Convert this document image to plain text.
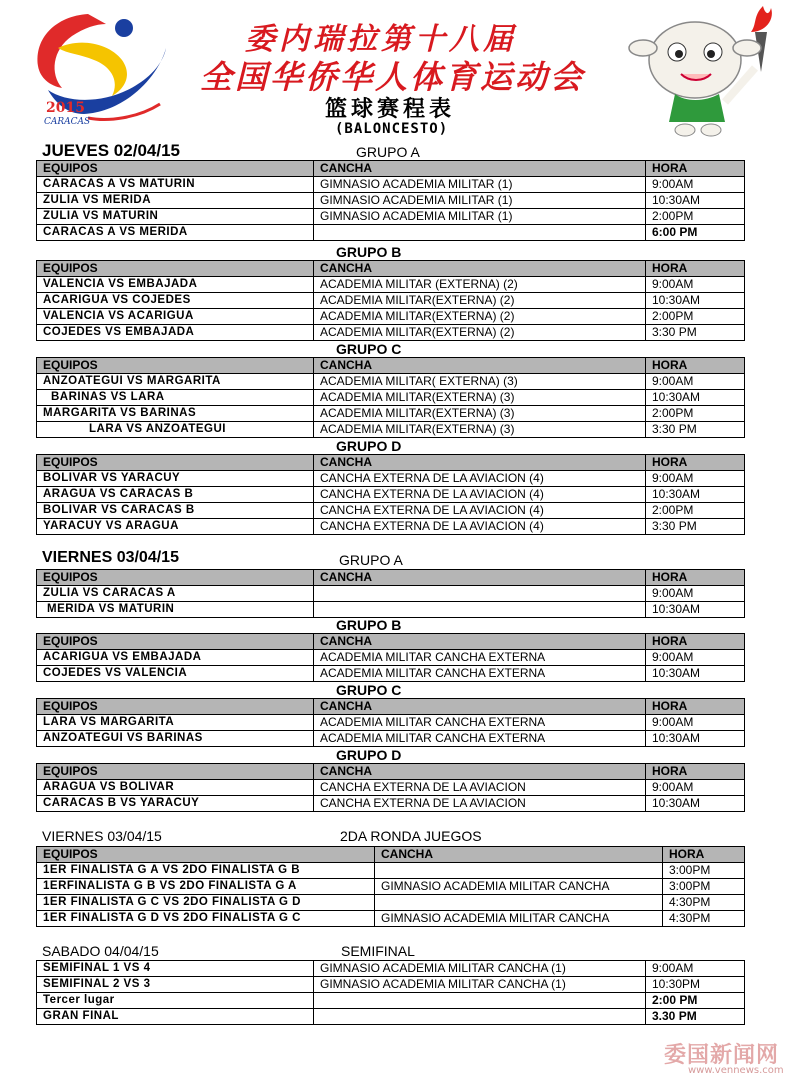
2015
CARACAS
委内瑞拉第十八届
全国华侨华人体育运动会
篮球赛程表
(BALONCESTO)
JUEVES 02/04/15	GRUPO A
EQUIPOS	CANCHA	HORA
CARACAS A VS MATURIN	GIMNASIO ACADEMIA MILITAR (1)	9:00AM
ZULIA VS MERIDA	GIMNASIO ACADEMIA MILITAR (1)	10:30AM
ZULIA VS MATURIN	GIMNASIO ACADEMIA MILITAR (1)	2:00PM
CARACAS A VS MERIDA		6:00 PM
GRUPO B
EQUIPOS	CANCHA	HORA
VALENCIA VS EMBAJADA	ACADEMIA MILITAR (EXTERNA) (2)	9:00AM
ACARIGUA VS COJEDES	ACADEMIA MILITAR(EXTERNA) (2)	10:30AM
VALENCIA VS ACARIGUA	ACADEMIA MILITAR(EXTERNA) (2)	2:00PM
COJEDES VS EMBAJADA	ACADEMIA MILITAR(EXTERNA) (2)	3:30 PM
GRUPO C
EQUIPOS	CANCHA	HORA
ANZOATEGUI VS MARGARITA	ACADEMIA MILITAR( EXTERNA) (3)	9:00AM
BARINAS VS LARA	ACADEMIA MILITAR(EXTERNA) (3)	10:30AM
MARGARITA VS BARINAS	ACADEMIA MILITAR(EXTERNA) (3)	2:00PM
LARA VS ANZOATEGUI	ACADEMIA MILITAR(EXTERNA) (3)	3:30 PM
GRUPO D
EQUIPOS	CANCHA	HORA
BOLIVAR VS YARACUY	CANCHA EXTERNA DE LA AVIACION (4)	9:00AM
ARAGUA VS CARACAS B	CANCHA EXTERNA DE LA AVIACION (4)	10:30AM
BOLIVAR VS CARACAS B	CANCHA EXTERNA DE LA AVIACION (4)	2:00PM
YARACUY VS ARAGUA	CANCHA EXTERNA DE LA AVIACION (4)	3:30 PM
VIERNES 03/04/15	GRUPO A
EQUIPOS	CANCHA	HORA
ZULIA VS CARACAS A		9:00AM
MERIDA VS MATURIN		10:30AM
GRUPO B
EQUIPOS	CANCHA	HORA
ACARIGUA VS EMBAJADA	ACADEMIA MILITAR CANCHA EXTERNA	9:00AM
COJEDES VS VALENCIA	ACADEMIA MILITAR CANCHA EXTERNA	10:30AM
GRUPO C
EQUIPOS	CANCHA	HORA
LARA VS MARGARITA	ACADEMIA MILITAR CANCHA EXTERNA	9:00AM
ANZOATEGUI VS BARINAS	ACADEMIA MILITAR CANCHA EXTERNA	10:30AM
GRUPO D
EQUIPOS	CANCHA	HORA
ARAGUA VS BOLIVAR	CANCHA EXTERNA DE LA AVIACION	9:00AM
CARACAS B VS YARACUY	CANCHA EXTERNA DE LA AVIACION	10:30AM
VIERNES 03/04/15	2DA RONDA JUEGOS
EQUIPOS	CANCHA	HORA
1ER FINALISTA G A VS 2DO FINALISTA G B		3:00PM
1ERFINALISTA G B VS 2DO FINALISTA G A	GIMNASIO ACADEMIA MILITAR CANCHA	3:00PM
1ER FINALISTA G C VS 2DO FINALISTA G D		4:30PM
1ER FINALISTA G D VS 2DO FINALISTA G C	GIMNASIO ACADEMIA MILITAR CANCHA	4:30PM
SABADO 04/04/15	SEMIFINAL
SEMIFINAL 1 VS 4	GIMNASIO ACADEMIA MILITAR CANCHA (1)	9:00AM
SEMIFINAL 2 VS 3	GIMNASIO ACADEMIA MILITAR CANCHA (1)	10:30PM
Tercer lugar		2:00 PM
GRAN FINAL		3.30 PM
委国新闻网
www.vennews.com
